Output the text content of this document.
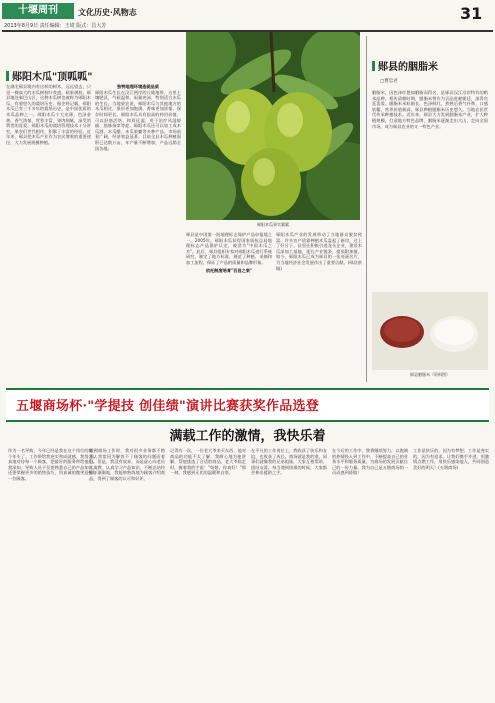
十堰周刊	文化历史·风物志
2013年8月9日 责任编辑：王琦 版式：昌大芳
31
郧阳木瓜"顶呱呱"
在湖北郧县境内有这样的树木，远远望去，只见一棵高大的木瓜树枝叶茂盛，硕果满枝。郧县地处秦巴山区，这种木瓜树也被称为郧阳木瓜，有着悠久的栽培历史。据史料记载，郧阳木瓜已有三千多年的栽培历史，是中国优质的木瓜品种之一。郧阳木瓜个大皮薄，色泽金黄，香气浓郁，营养丰富，果肉细腻，深受消费者的喜爱。郧阳木瓜的栽培管理技术十分讲究，果农们世代相传，积累了丰富的经验。近年来，郧县把木瓜产业作为农民增收的重要途径，大力发展规模种植。
独特地理环境造就品质
郧阳木瓜生长在汉江两岸的丘陵地带，这里土壤肥沃，气候温和，雨量充沛，特别适合木瓜的生长。当地果农说，郧阳木瓜与其他地方的木瓜相比，果形更加饱满，香味更加浓郁，保存时间更长。郧阳木瓜具有很高的药用价值，可以舒筋活络、和胃化湿，用于治疗风湿痹痛、筋脉拘挛等症。郧阳木瓜还可以加工成木瓜酒、木瓜醋、木瓜果脯等多种产品，市场前景广阔，经济效益显著。目前全县木瓜种植面积已达数万亩，年产量不断增加，产品远销全国各地。
郧阳木瓜果实累累
郧县是中国第一批地理标志保护产品申报地之一。2005年，郧阳木瓜获得国家质检总局地理标志产品保护认定，被誉为"中国木瓜之乡"。此后，郧县组织专家对郧阳木瓜进行系统研究，制定了地方标准，规范了种植、采摘和加工流程，保证了产品的质量和品牌形象。
依托制度培育"百县之果"
郧阳木瓜产业的发展带动了当地群众脱贫致富。许多农户依靠种植木瓜盖起了新房，过上了好日子。县里还积极引进龙头企业，建设木瓜深加工基地，延长产业链条，提高附加值。如今，郧阳木瓜已成为郧县的一张亮丽名片，为当地经济社会发展作出了重要贡献。(郧县供稿)
郧县的胭脂米
□曹忠君
胭脂米，因色泽红艳如胭脂而得名，是郧县汉江沿岸特有的稻米品种。相传清朝时期，胭脂米曾作为贡品进献朝廷，深得宫廷喜爱。胭脂米米粒细长，色泽鲜红，煮熟后香气扑鼻，口感软糯，营养价值极高。郧县种植胭脂米历史悠久，当地农民世代传承种植技术。近年来，郧县大力发展胭脂米产业，扩大种植规模，打造地方特色品牌，胭脂米逐渐走出大山，走向全国市场，成为郧县农业的又一特色产业。
郧县胭脂米（资料图）
五堰商场杯·"学提技 创佳绩"演讲比赛获奖作品选登
满载工作的激情，我快乐着
作为一名导购，今年已经是我在这个岗位的第三个年头了。工作带给我充实和成就感，我努力认真地对待每一个顾客，把最好的服务带给他们。我深知，导购人员不仅要熟悉自己的产品知识，还要掌握更多的销售技巧，用真诚的微笑迎接每一位顾客。
刚到商场工作时，我对很多业务都不熟悉，常常因为解答不了顾客的问题而着急。但是，我没有放弃，而是虚心向老员工请教，认真学习产品知识，不断总结经验。渐渐地，我能够熟练地为顾客介绍商品，得到了顾客的认可和好评。
记得有一次，一位老大爷来买东西，他对商品的功能不太了解，我耐心地为他讲解，帮他挑选了合适的商品。老大爷临走时，握着我的手说："姑娘，你真好！"那一刻，我感到无比的温暖和自豪。
在平凡的工作岗位上，我收获了快乐和友谊，也收获了成长。商场就是我的家，同事们就像我的兄弟姐妹，大家互相帮助，团结友爱。每当遇到困难的时候，大家都会伸出援助之手。
在今后的工作中，我将继续努力，以饱满的热情投入到工作中，不断提高自己的业务水平和服务质量，为商场的发展贡献自己的一份力量。我为自己是五堰商场的一员而感到骄傲！
工作是快乐的，因为有梦想；工作是充实的，因为有追求。让我们携手并进，用激情点燃工作，用快乐感染他人，共同创造美好的明天！(五堰商场)
